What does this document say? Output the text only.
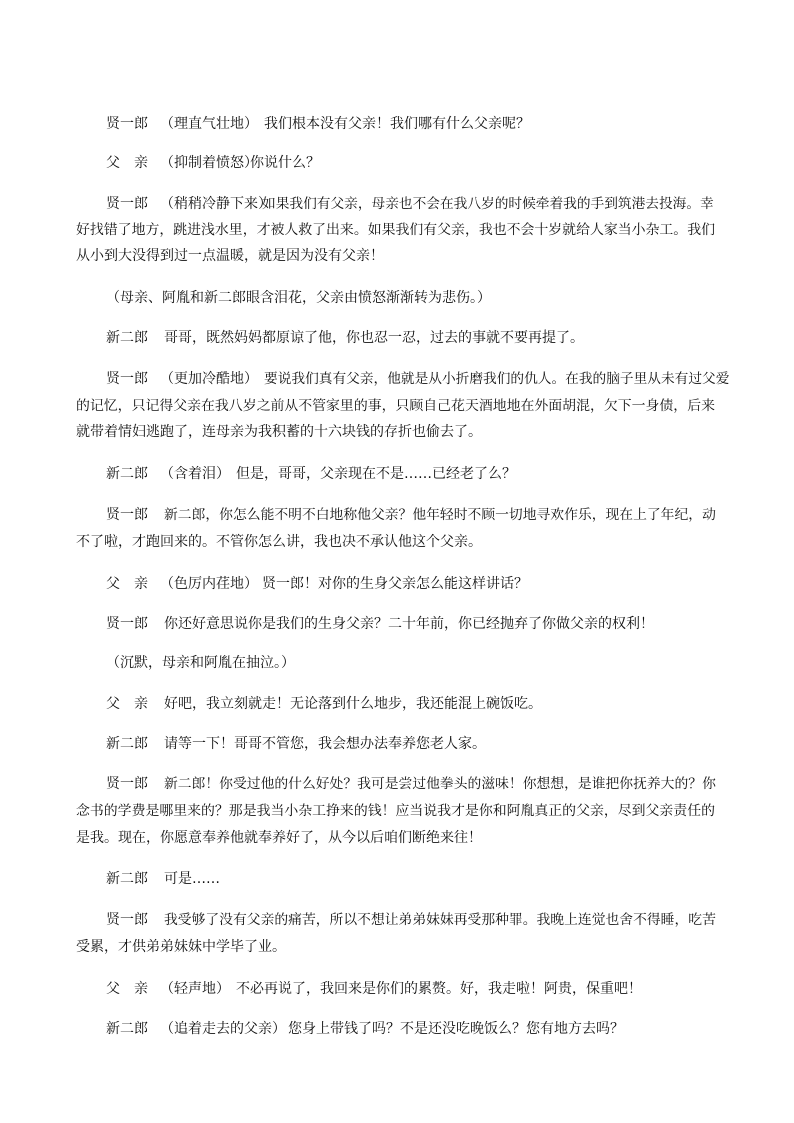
贤一郎 （理直气壮地） 我们根本没有父亲！我们哪有什么父亲呢？
父　亲 （抑制着愤怒）
你说什么？
贤一郎 （稍稍冷静下来）
如果我们有父亲，母亲也不会在我八岁的时候牵着我的手到筑港去投海。幸
好找错了地方，跳进浅水里，才被人救了出来。如果我们有父亲，我也不会十岁就给人家当小杂工。我们
从小到大没得到过一点温暖，就是因为没有父亲！
（母亲、阿胤和新二郎眼含泪花，父亲由愤怒渐渐转为悲伤。）
新二郎 哥哥，既然妈妈都原谅了他，你也忍一忍，过去的事就不要再提了。
贤一郎 （更加冷酷地） 要说我们真有父亲，他就是从小折磨我们的仇人。在我的脑子里从未有过父爱
的记忆，只记得父亲在我八岁之前从不管家里的事，只顾自己花天酒地地在外面胡混，欠下一身债，后来
就带着情妇逃跑了，连母亲为我积蓄的十六块钱的存折也偷去了。
新二郎 （含着泪） 但是，哥哥，父亲现在不是……已经老了么？
贤一郎 新二郎，你怎么能不明不白地称他父亲？他年轻时不顾一切地寻欢作乐，现在上了年纪，动
不了啦，才跑回来的。不管你怎么讲，我也决不承认他这个父亲。
父　亲 （色厉内荏地） 贤一郎！对你的生身父亲怎么能这样讲话？
贤一郎 你还好意思说你是我们的生身父亲？二十年前，你已经抛弃了你做父亲的权利！
（沉默，母亲和阿胤在抽泣。）
父　亲 好吧，我立刻就走！无论落到什么地步，我还能混上碗饭吃。
新二郎 请等一下！哥哥不管您，我会想办法奉养您老人家。
贤一郎 新二郎！你受过他的什么好处？我可是尝过他拳头的滋味！你想想，是谁把你抚养大的？你
念书的学费是哪里来的？那是我当小杂工挣来的钱！应当说我才是你和阿胤真正的父亲，尽到父亲责任的
是我。现在，你愿意奉养他就奉养好了，从今以后咱们断绝来往！
新二郎 可是……
贤一郎 我受够了没有父亲的痛苦，所以不想让弟弟妹妹再受那种罪。我晚上连觉也舍不得睡，吃苦
受累，才供弟弟妹妹中学毕了业。
父　亲 （轻声地） 不必再说了，我回来是你们的累赘。好，我走啦！阿贵，保重吧！
新二郎 （追着走去的父亲） 您身上带钱了吗？不是还没吃晚饭么？您有地方去吗？
